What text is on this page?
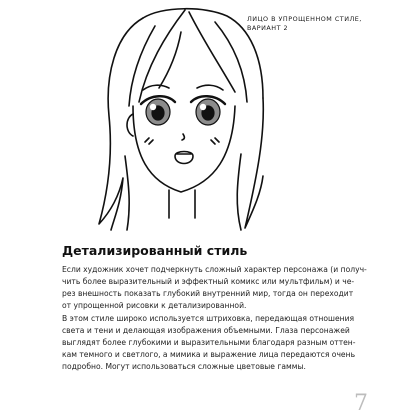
ЛИЦО В УПРОЩЕННОМ СТИЛЕ,
ВАРИАНТ 2
Детализированный стиль

Если художник хочет подчеркнуть сложный характер персонажа (и получ-
чить более выразительный и эффектный комикс или мультфильм) и че-
рез внешность показать глубокий внутренний мир, тогда он переходит
от упрощенной рисовки к детализированной.

В этом стиле широко используется штриховка, передающая отношения
света и тени и делающая изображения объемными. Глаза персонажей
выглядят более глубокими и выразительными благодаря разным оттен-
кам темного и светлого, а мимика и выражение лица передаются очень
подробно. Могут использоваться сложные цветовые гаммы.

7
